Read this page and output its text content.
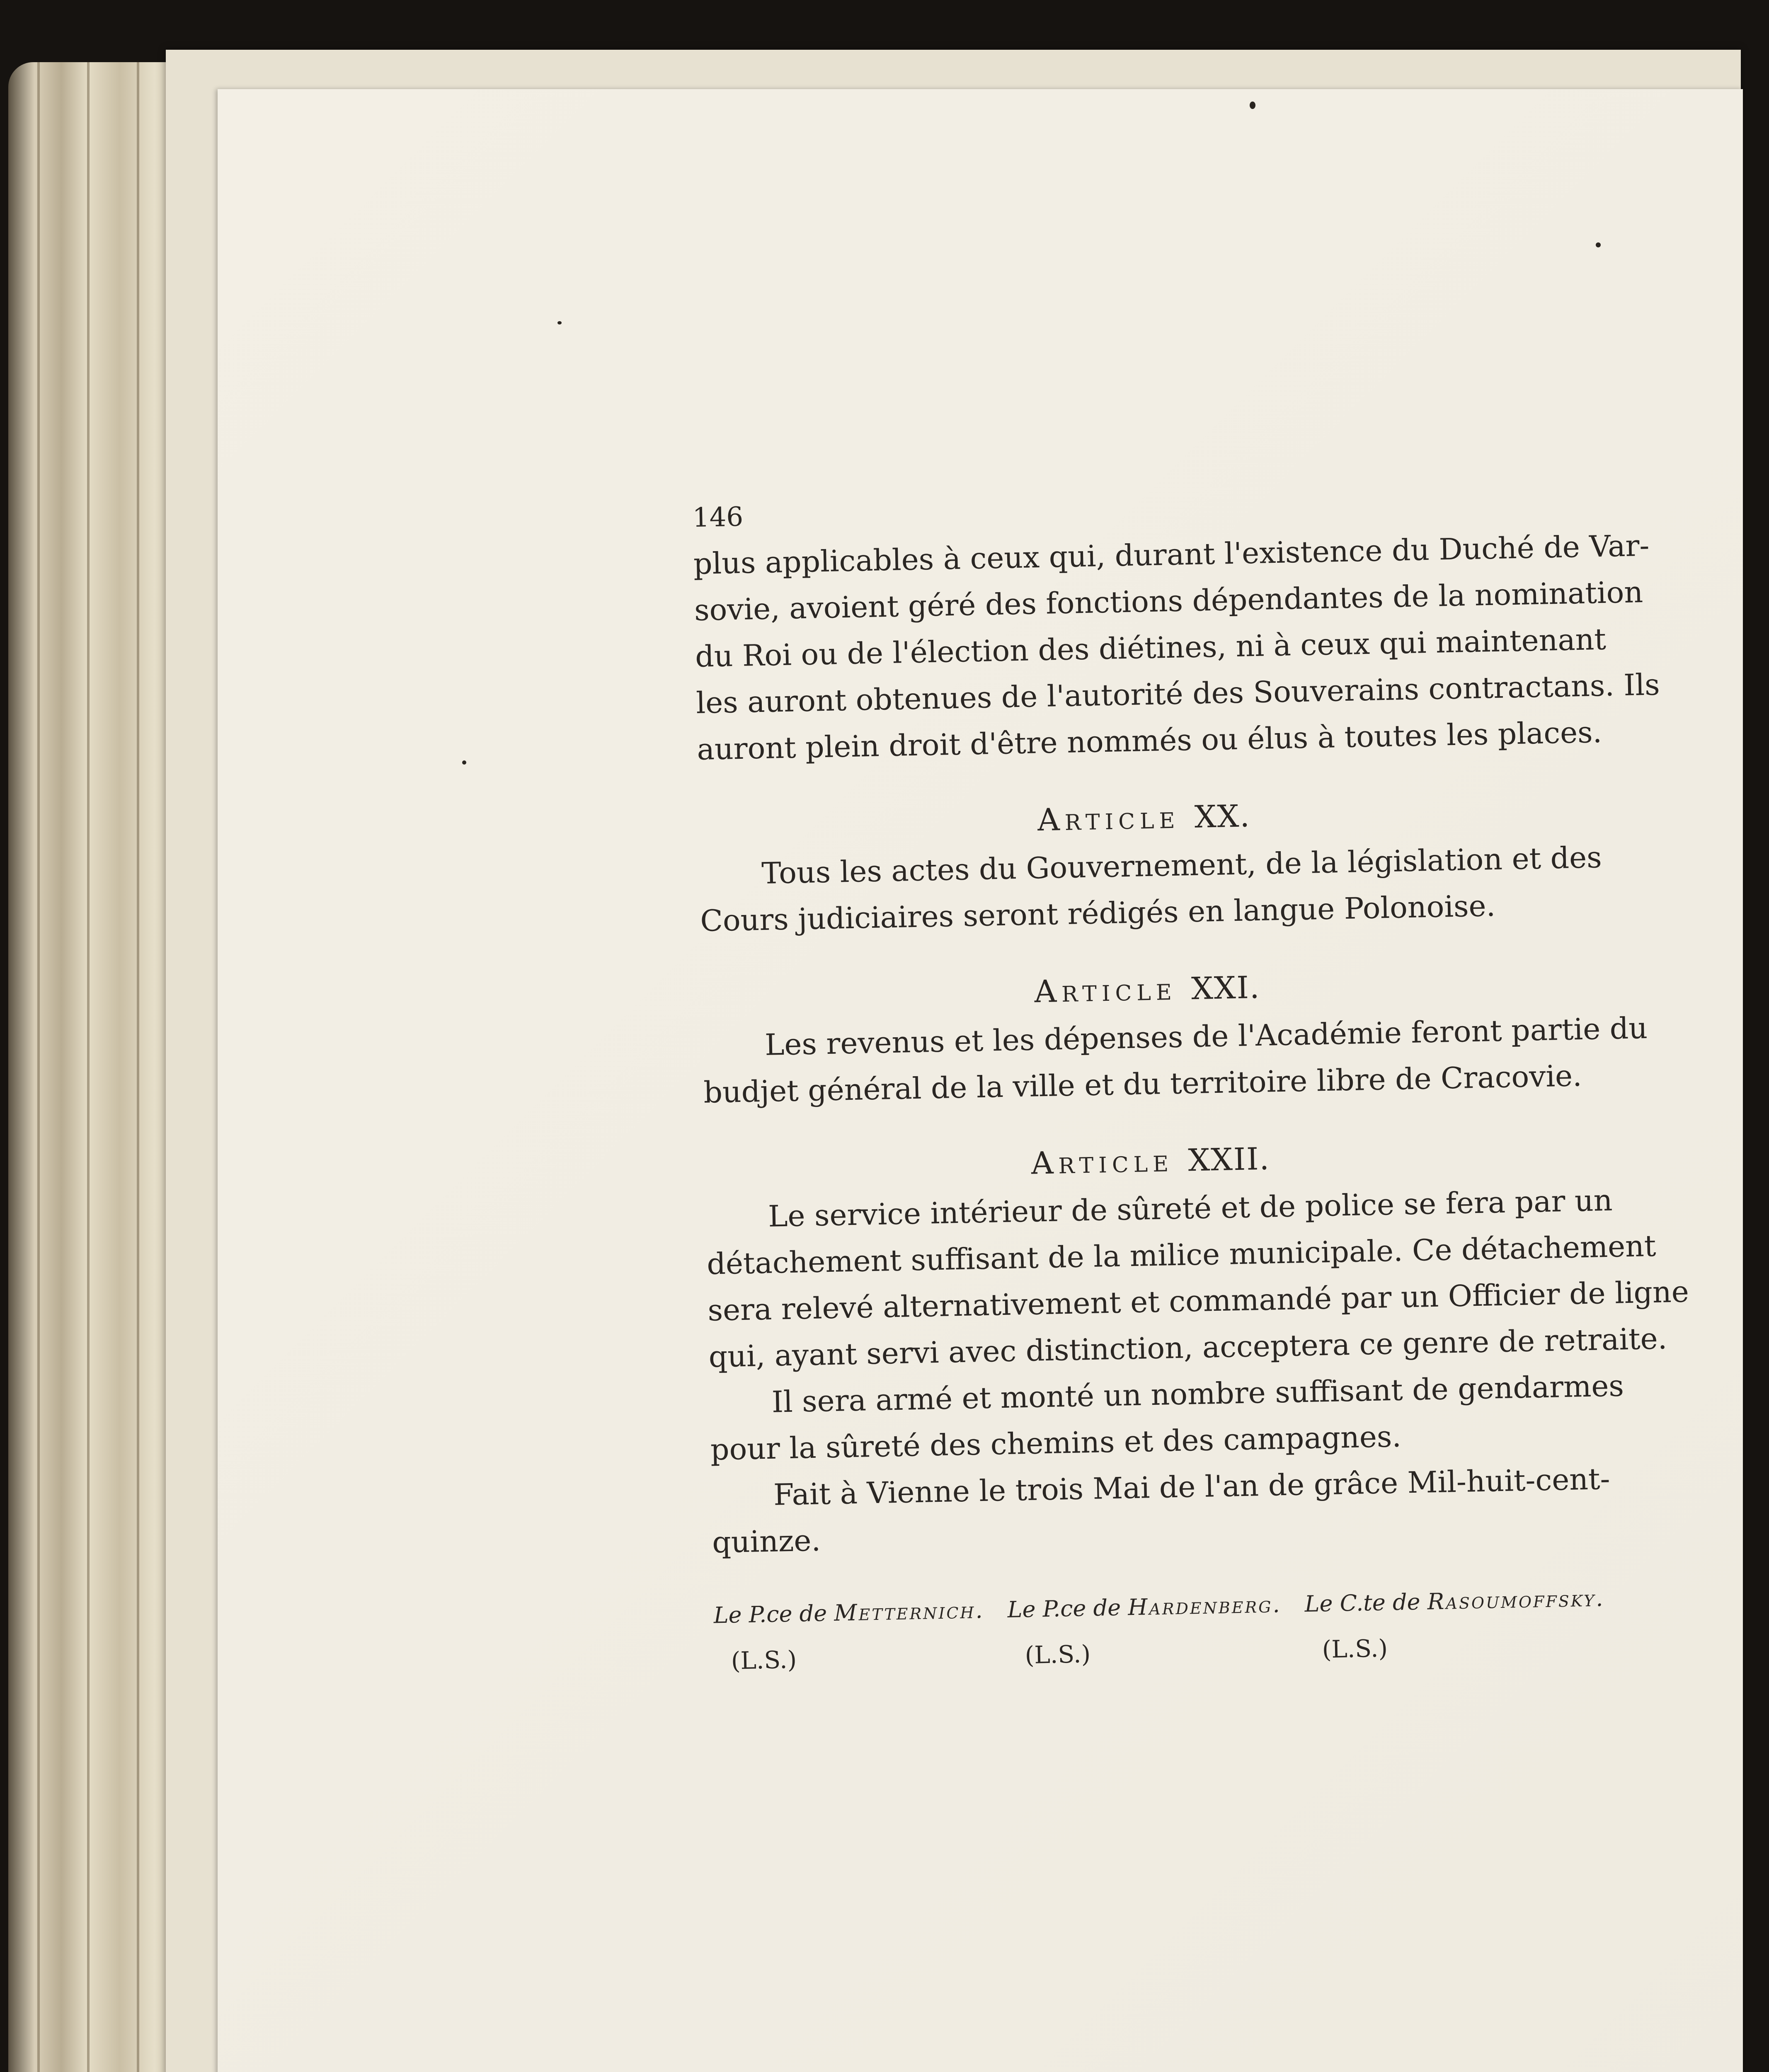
146
plus applicables à ceux qui, durant l'existence du Duché de Var-
sovie, avoient géré des fonctions dépendantes de la nomination
du Roi ou de l'élection des diétines, ni à ceux qui maintenant
les auront obtenues de l'autorité des Souverains contractans. Ils
auront plein droit d'être nommés ou élus à toutes les places.
Article XX.
Tous les actes du Gouvernement, de la législation et des
Cours judiciaires seront rédigés en langue Polonoise.
Article XXI.
Les revenus et les dépenses de l'Académie feront partie du
budjet général de la ville et du territoire libre de Cracovie.
Article XXII.
Le service intérieur de sûreté et de police se fera par un
détachement suffisant de la milice municipale. Ce détachement
sera relevé alternativement et commandé par un Officier de ligne
qui, ayant servi avec distinction, acceptera ce genre de retraite.
Il sera armé et monté un nombre suffisant de gendarmes
pour la sûreté des chemins et des campagnes.
Fait à Vienne le trois Mai de l'an de grâce Mil-huit-cent-
quinze.
Le P.ce de Metternich.
(L.S.)
Le P.ce de Hardenberg.
(L.S.)
Le C.te de Rasoumoffsky.
(L.S.)
